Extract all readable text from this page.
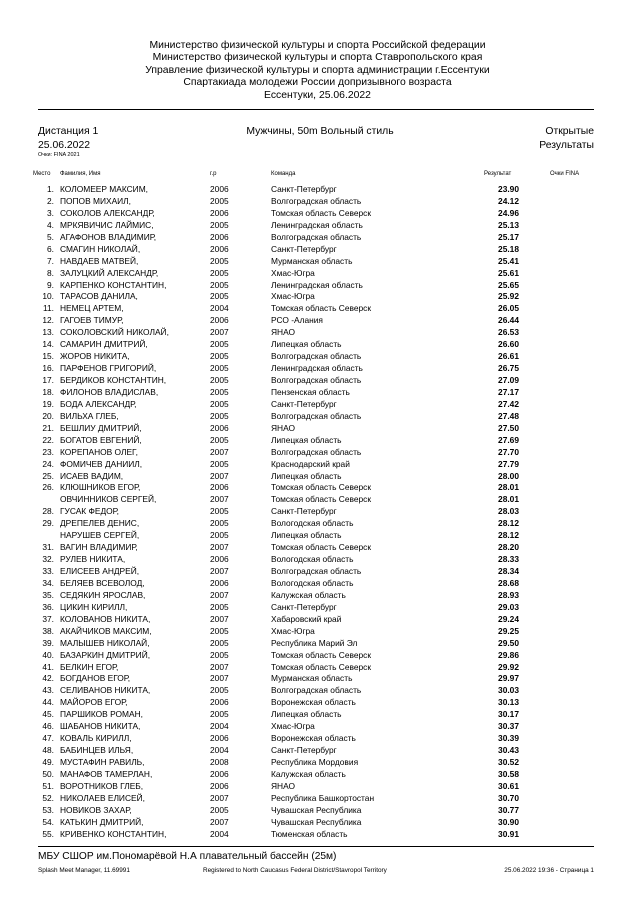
Министерство физической культуры и спорта Российской федерации
Министерство физической культуры и спорта Ставропольского края
Управление физической культуры и спорта администрации г.Ессентуки
Спартакиада молодежи России допризывного возраста
Ессентуки, 25.06.2022
Дистанция 1
25.06.2022
Мужчины, 50m Вольный стиль	Открытые
Результаты
Очки: FINA 2021
Место Фамилия, Имя	г.р	Команда	Результат	Очки FINA
1. КОЛОМЕЕР МАКСИМ,	2006	Санкт-Петербург	23.90
2. ПОПОВ МИХАИЛ,	2005	Волгоградская область	24.12
3. СОКОЛОВ АЛЕКСАНДР,	2006	Томская область Северск	24.96
4. МРКЯВИЧИС ЛАЙМИС,	2005	Ленинградская область	25.13
5. АГАФОНОВ ВЛАДИМИР,	2006	Волгоградская область	25.17
6. СМАГИН НИКОЛАЙ,	2006	Санкт-Петербург	25.18
7. НАВДАЕВ МАТВЕЙ,	2005	Мурманская область	25.41
8. ЗАЛУЦКИЙ АЛЕКСАНДР,	2005	Хмас-Югра	25.61
9. КАРПЕНКО КОНСТАНТИН,	2005	Ленинградская область	25.65
10. ТАРАСОВ ДАНИЛА,	2005	Хмас-Югра	25.92
11. НЕМЕЦ АРТЕМ,	2004	Томская область Северск	26.05
12. ГАГОЕВ ТИМУР,	2006	РСО -Алания	26.44
13. СОКОЛОВСКИЙ НИКОЛАЙ,	2007	ЯНАО	26.53
14. САМАРИН ДМИТРИЙ,	2005	Липецкая область	26.60
15. ЖОРОВ НИКИТА,	2005	Волгоградская область	26.61
16. ПАРФЕНОВ ГРИГОРИЙ,	2005	Ленинградская область	26.75
17. БЕРДИКОВ КОНСТАНТИН,	2005	Волгоградская область	27.09
18. ФИЛОНОВ ВЛАДИСЛАВ,	2005	Пензенская область	27.17
19. БОДА АЛЕКСАНДР,	2005	Санкт-Петербург	27.42
20. ВИЛЬХА ГЛЕБ,	2005	Волгоградская область	27.48
21. БЕШЛИУ ДМИТРИЙ,	2006	ЯНАО	27.50
22. БОГАТОВ ЕВГЕНИЙ,	2005	Липецкая область	27.69
23. КОРЕПАНОВ ОЛЕГ,	2007	Волгоградская область	27.70
24. ФОМИЧЕВ ДАНИИЛ,	2005	Краснодарский край	27.79
25. ИСАЕВ ВАДИМ,	2007	Липецкая область	28.00
26. КЛЮШНИКОВ ЕГОР,	2006	Томская область Северск	28.01
ОВЧИННИКОВ СЕРГЕЙ,	2007	Томская область Северск	28.01
28. ГУСАК ФЕДОР,	2005	Санкт-Петербург	28.03
29. ДРЕПЕЛЕВ ДЕНИС,	2005	Вологодская область	28.12
НАРУШЕВ СЕРГЕЙ,	2005	Липецкая область	28.12
31. ВАГИН ВЛАДИМИР,	2007	Томская область Северск	28.20
32. РУЛЕВ НИКИТА,	2006	Вологодская область	28.33
33. ЕЛИСЕЕВ АНДРЕЙ,	2007	Волгоградская область	28.34
34. БЕЛЯЕВ ВСЕВОЛОД,	2006	Вологодская область	28.68
35. СЕДЯКИН ЯРОСЛАВ,	2007	Калужская область	28.93
36. ЦИКИН КИРИЛЛ,	2005	Санкт-Петербург	29.03
37. КОЛОВАНОВ НИКИТА,	2007	Хабаровский край	29.24
38. АКАЙЧИКОВ МАКСИМ,	2005	Хмас-Югра	29.25
39. МАЛЫШЕВ НИКОЛАЙ,	2005	Республика Марий Эл	29.50
40. БАЗАРКИН ДМИТРИЙ,	2005	Томская область Северск	29.86
41. БЕЛКИН ЕГОР,	2007	Томская область Северск	29.92
42. БОГДАНОВ ЕГОР,	2007	Мурманская область	29.97
43. СЕЛИВАНОВ НИКИТА,	2005	Волгоградская область	30.03
44. МАЙОРОВ ЕГОР,	2006	Воронежская область	30.13
45. ПАРШИКОВ РОМАН,	2005	Липецкая область	30.17
46. ШАБАНОВ НИКИТА,	2004	Хмас-Югра	30.37
47. КОВАЛЬ КИРИЛЛ,	2006	Воронежская область	30.39
48. БАБИНЦЕВ ИЛЬЯ,	2004	Санкт-Петербург	30.43
49. МУСТАФИН РАВИЛЬ,	2008	Республика Мордовия	30.52
50. МАНАФОВ ТАМЕРЛАН,	2006	Калужская область	30.58
51. ВОРОТНИКОВ ГЛЕБ,	2006	ЯНАО	30.61
52. НИКОЛАЕВ ЕЛИСЕЙ,	2007	Республика Башкортостан	30.70
53. НОВИКОВ ЗАХАР,	2005	Чувашская Республика	30.77
54. КАТЬКИН ДМИТРИЙ,	2007	Чувашская Республика	30.90
55. КРИВЕНКО КОНСТАНТИН,	2004	Тюменская область	30.91
МБУ СШОР им.Пономарёвой Н.А плавательный бассейн (25м)
Splash Meet Manager, 11.69991	Registered to North Caucasus Federal District/Stavropol Territory	25.06.2022 19:36 - Страница 1
